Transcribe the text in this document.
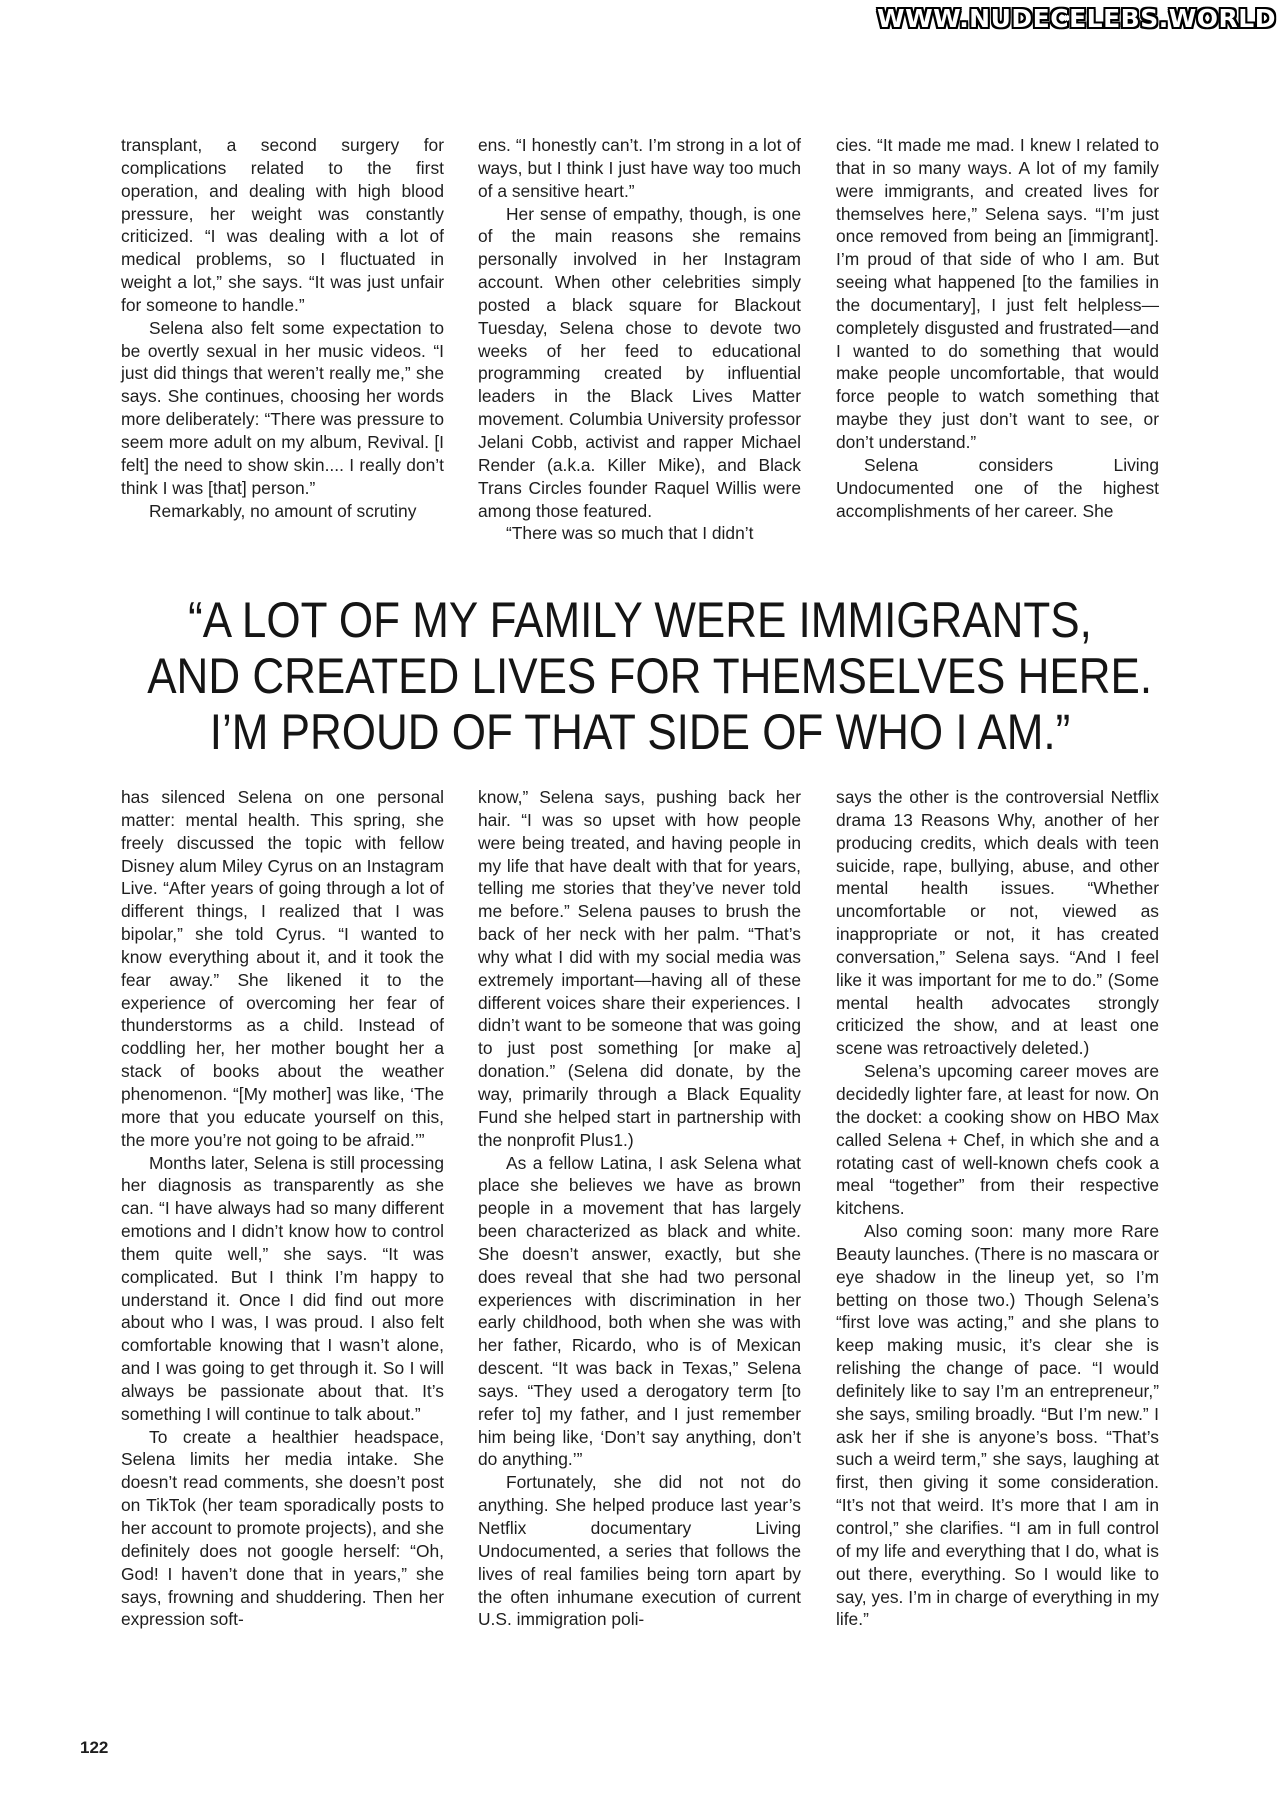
WWW.NUDECELEBS.WORLD

transplant, a second surgery for complications related to the first operation, and dealing with high blood pressure, her weight was constantly criticized. “I was dealing with a lot of medical problems, so I fluctuated in weight a lot,” she says. “It was just unfair for someone to handle.”

Selena also felt some expectation to be overtly sexual in her music videos. “I just did things that weren’t really me,” she says. She continues, choosing her words more deliberately: “There was pressure to seem more adult on my album, Revival. [I felt] the need to show skin.... I really don’t think I was [that] person.”

Remarkably, no amount of scrutiny

ens. “I honestly can’t. I’m strong in a lot of ways, but I think I just have way too much of a sensitive heart.”

Her sense of empathy, though, is one of the main reasons she remains personally involved in her Instagram account. When other celebrities simply posted a black square for Blackout Tuesday, Selena chose to devote two weeks of her feed to educational programming created by influential leaders in the Black Lives Matter movement. Columbia University professor Jelani Cobb, activist and rapper Michael Render (a.k.a. Killer Mike), and Black Trans Circles founder Raquel Willis were among those featured.

“There was so much that I didn’t

cies. “It made me mad. I knew I related to that in so many ways. A lot of my family were immigrants, and created lives for themselves here,” Selena says. “I’m just once removed from being an [immigrant]. I’m proud of that side of who I am. But seeing what happened [to the families in the documentary], I just felt helpless—completely disgusted and frustrated—and I wanted to do something that would make people uncomfortable, that would force people to watch something that maybe they just don’t want to see, or don’t understand.”

Selena considers Living Undocumented one of the highest accomplishments of her career. She

“A LOT OF MY FAMILY WERE IMMIGRANTS,
AND CREATED LIVES FOR THEMSELVES HERE.
I’M PROUD OF THAT SIDE OF WHO I AM.”

has silenced Selena on one personal matter: mental health. This spring, she freely discussed the topic with fellow Disney alum Miley Cyrus on an Instagram Live. “After years of going through a lot of different things, I realized that I was bipolar,” she told Cyrus. “I wanted to know everything about it, and it took the fear away.” She likened it to the experience of overcoming her fear of thunderstorms as a child. Instead of coddling her, her mother bought her a stack of books about the weather phenomenon. “[My mother] was like, ‘The more that you educate yourself on this, the more you’re not going to be afraid.’”

Months later, Selena is still processing her diagnosis as transparently as she can. “I have always had so many different emotions and I didn’t know how to control them quite well,” she says. “It was complicated. But I think I’m happy to understand it. Once I did find out more about who I was, I was proud. I also felt comfortable knowing that I wasn’t alone, and I was going to get through it. So I will always be passionate about that. It’s something I will continue to talk about.”

To create a healthier headspace, Selena limits her media intake. She doesn’t read comments, she doesn’t post on TikTok (her team sporadically posts to her account to promote projects), and she definitely does not google herself: “Oh, God! I haven’t done that in years,” she says, frowning and shuddering. Then her expression soft-

know,” Selena says, pushing back her hair. “I was so upset with how people were being treated, and having people in my life that have dealt with that for years, telling me stories that they’ve never told me before.” Selena pauses to brush the back of her neck with her palm. “That’s why what I did with my social media was extremely important—having all of these different voices share their experiences. I didn’t want to be someone that was going to just post something [or make a] donation.” (Selena did donate, by the way, primarily through a Black Equality Fund she helped start in partnership with the nonprofit Plus1.)

As a fellow Latina, I ask Selena what place she believes we have as brown people in a movement that has largely been characterized as black and white. She doesn’t answer, exactly, but she does reveal that she had two personal experiences with discrimination in her early childhood, both when she was with her father, Ricardo, who is of Mexican descent. “It was back in Texas,” Selena says. “They used a derogatory term [to refer to] my father, and I just remember him being like, ‘Don’t say anything, don’t do anything.’”

Fortunately, she did not not do anything. She helped produce last year’s Netflix documentary Living Undocumented, a series that follows the lives of real families being torn apart by the often inhumane execution of current U.S. immigration poli-

says the other is the controversial Netflix drama 13 Reasons Why, another of her producing credits, which deals with teen suicide, rape, bullying, abuse, and other mental health issues. “Whether uncomfortable or not, viewed as inappropriate or not, it has created conversation,” Selena says. “And I feel like it was important for me to do.” (Some mental health advocates strongly criticized the show, and at least one scene was retroactively deleted.)

Selena’s upcoming career moves are decidedly lighter fare, at least for now. On the docket: a cooking show on HBO Max called Selena + Chef, in which she and a rotating cast of well-known chefs cook a meal “together” from their respective kitchens.

Also coming soon: many more Rare Beauty launches. (There is no mascara or eye shadow in the lineup yet, so I’m betting on those two.) Though Selena’s “first love was acting,” and she plans to keep making music, it’s clear she is relishing the change of pace. “I would definitely like to say I’m an entrepreneur,” she says, smiling broadly. “But I’m new.” I ask her if she is anyone’s boss. “That’s such a weird term,” she says, laughing at first, then giving it some consideration. “It’s not that weird. It’s more that I am in control,” she clarifies. “I am in full control of my life and everything that I do, what is out there, everything. So I would like to say, yes. I’m in charge of everything in my life.”

122
